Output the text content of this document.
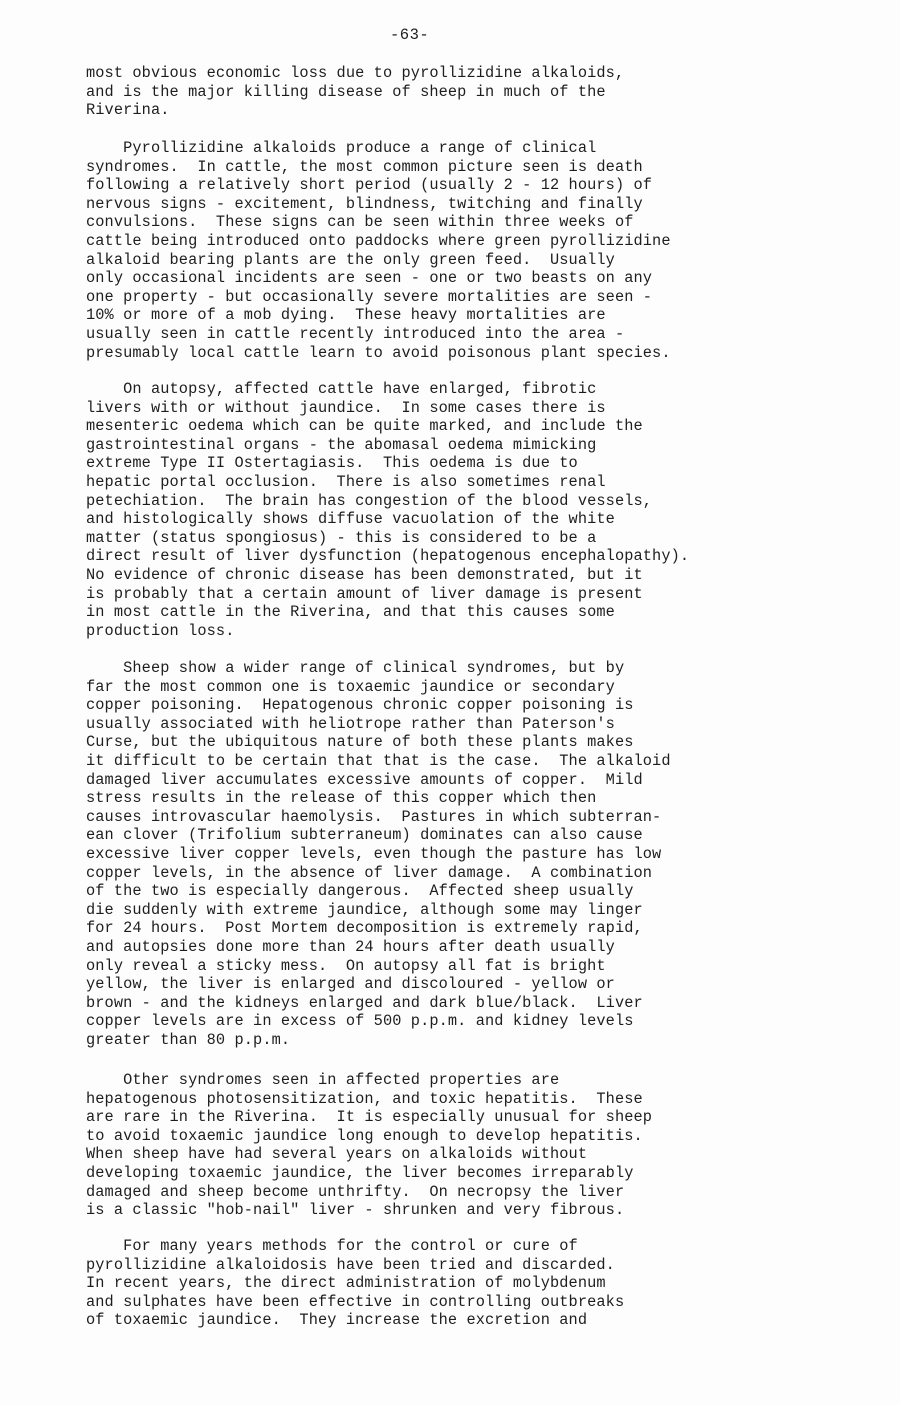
-63-
most obvious economic loss due to pyrollizidine alkaloids,
and is the major killing disease of sheep in much of the
Riverina.
Pyrollizidine alkaloids produce a range of clinical
syndromes.  In cattle, the most common picture seen is death
following a relatively short period (usually 2 - 12 hours) of
nervous signs - excitement, blindness, twitching and finally
convulsions.  These signs can be seen within three weeks of
cattle being introduced onto paddocks where green pyrollizidine
alkaloid bearing plants are the only green feed.  Usually
only occasional incidents are seen - one or two beasts on any
one property - but occasionally severe mortalities are seen -
10% or more of a mob dying.  These heavy mortalities are
usually seen in cattle recently introduced into the area -
presumably local cattle learn to avoid poisonous plant species.
On autopsy, affected cattle have enlarged, fibrotic
livers with or without jaundice.  In some cases there is
mesenteric oedema which can be quite marked, and include the
gastrointestinal organs - the abomasal oedema mimicking
extreme Type II Ostertagiasis.  This oedema is due to
hepatic portal occlusion.  There is also sometimes renal
petechiation.  The brain has congestion of the blood vessels,
and histologically shows diffuse vacuolation of the white
matter (status spongiosus) - this is considered to be a
direct result of liver dysfunction (hepatogenous encephalopathy).
No evidence of chronic disease has been demonstrated, but it
is probably that a certain amount of liver damage is present
in most cattle in the Riverina, and that this causes some
production loss.
Sheep show a wider range of clinical syndromes, but by
far the most common one is toxaemic jaundice or secondary
copper poisoning.  Hepatogenous chronic copper poisoning is
usually associated with heliotrope rather than Paterson's
Curse, but the ubiquitous nature of both these plants makes
it difficult to be certain that that is the case.  The alkaloid
damaged liver accumulates excessive amounts of copper.  Mild
stress results in the release of this copper which then
causes introvascular haemolysis.  Pastures in which subterran-
ean clover (Trifolium subterraneum) dominates can also cause
excessive liver copper levels, even though the pasture has low
copper levels, in the absence of liver damage.  A combination
of the two is especially dangerous.  Affected sheep usually
die suddenly with extreme jaundice, although some may linger
for 24 hours.  Post Mortem decomposition is extremely rapid,
and autopsies done more than 24 hours after death usually
only reveal a sticky mess.  On autopsy all fat is bright
yellow, the liver is enlarged and discoloured - yellow or
brown - and the kidneys enlarged and dark blue/black.  Liver
copper levels are in excess of 500 p.p.m. and kidney levels
greater than 80 p.p.m.
Other syndromes seen in affected properties are
hepatogenous photosensitization, and toxic hepatitis.  These
are rare in the Riverina.  It is especially unusual for sheep
to avoid toxaemic jaundice long enough to develop hepatitis.
When sheep have had several years on alkaloids without
developing toxaemic jaundice, the liver becomes irreparably
damaged and sheep become unthrifty.  On necropsy the liver
is a classic "hob-nail" liver - shrunken and very fibrous.
For many years methods for the control or cure of
pyrollizidine alkaloidosis have been tried and discarded.
In recent years, the direct administration of molybdenum
and sulphates have been effective in controlling outbreaks
of toxaemic jaundice.  They increase the excretion and
